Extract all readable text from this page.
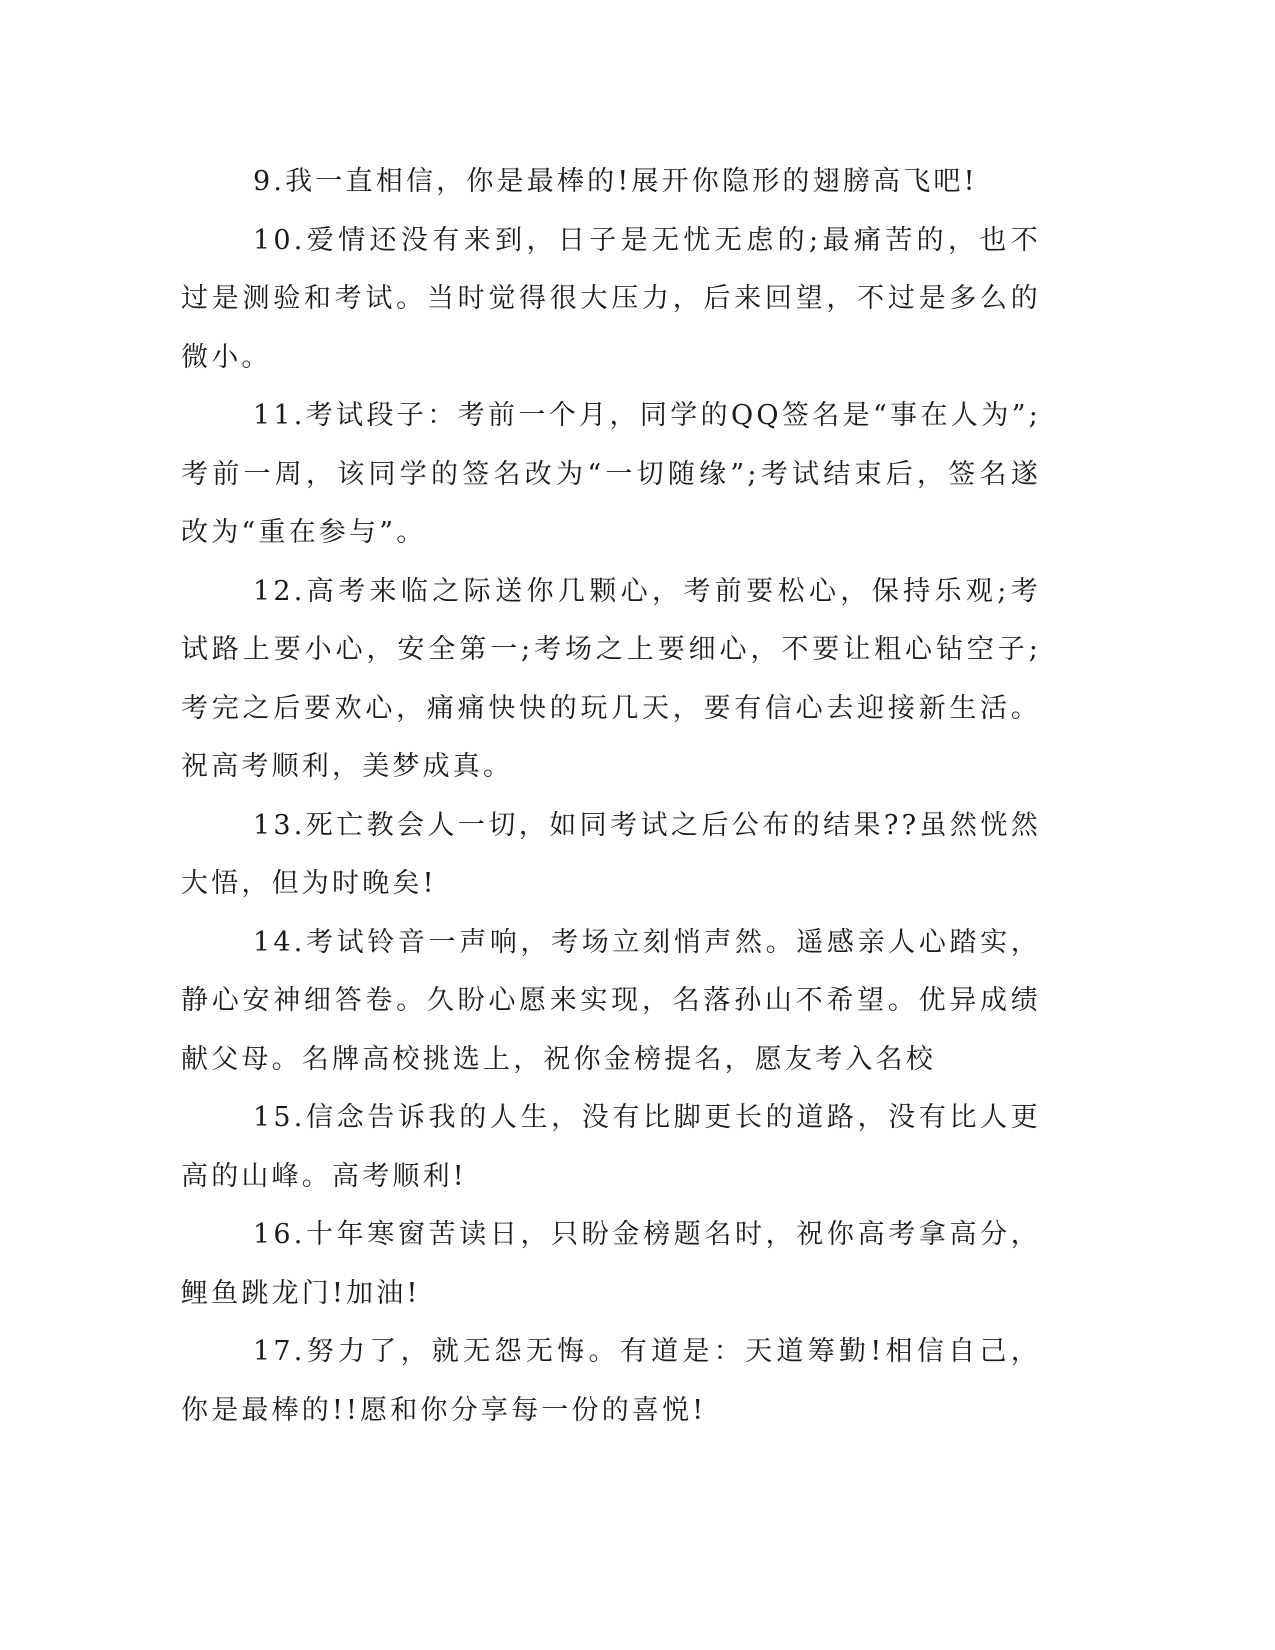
9.我一直相信，你是最棒的!展开你隐形的翅膀高飞吧!

10.爱情还没有来到，日子是无忧无虑的;最痛苦的，也不过是测验和考试。当时觉得很大压力，后来回望，不过是多么的微小。

11.考试段子：考前一个月，同学的QQ签名是“事在人为”;考前一周，该同学的签名改为“一切随缘”;考试结束后，签名遂改为“重在参与”。

12.高考来临之际送你几颗心，考前要松心，保持乐观;考试路上要小心，安全第一;考场之上要细心，不要让粗心钻空子;考完之后要欢心，痛痛快快的玩几天，要有信心去迎接新生活。祝高考顺利，美梦成真。

13.死亡教会人一切，如同考试之后公布的结果??虽然恍然大悟，但为时晚矣!

14.考试铃音一声响，考场立刻悄声然。遥感亲人心踏实，静心安神细答卷。久盼心愿来实现，名落孙山不希望。优异成绩献父母。名牌高校挑选上，祝你金榜提名，愿友考入名校

15.信念告诉我的人生，没有比脚更长的道路，没有比人更高的山峰。高考顺利!

16.十年寒窗苦读日，只盼金榜题名时，祝你高考拿高分，鲤鱼跳龙门!加油!

17.努力了，就无怨无悔。有道是：天道筹勤!相信自己，你是最棒的!!愿和你分享每一份的喜悦!
